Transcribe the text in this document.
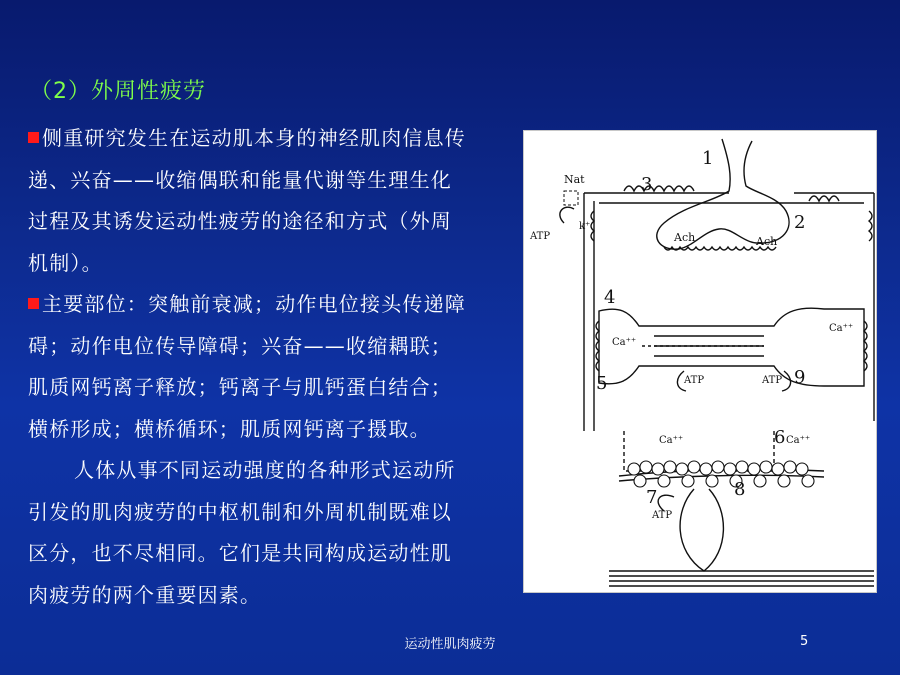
（2）外周性疲劳

侧重研究发生在运动肌本身的神经肌肉信息传递、兴奋——收缩偶联和能量代谢等生理生化过程及其诱发运动性疲劳的途径和方式（外周机制）。

主要部位：突触前衰减；动作电位接头传递障碍；动作电位传导障碍；兴奋——收缩耦联；肌质网钙离子释放；钙离子与肌钙蛋白结合；横桥形成；横桥循环；肌质网钙离子摄取。

人体从事不同运动强度的各种形式运动所引发的肌肉疲劳的中枢机制和外周机制既难以区分，也不尽相同。它们是共同构成运动性肌肉疲劳的两个重要因素。

Nat
k⁺
ATP	Ach	Ach
Ca⁺⁺
Ca⁺⁺
ATP	ATP
Ca⁺⁺	Ca⁺⁺
ATP
1
2
3
4
5
6
7	8
9
运动性肌肉疲劳	5
